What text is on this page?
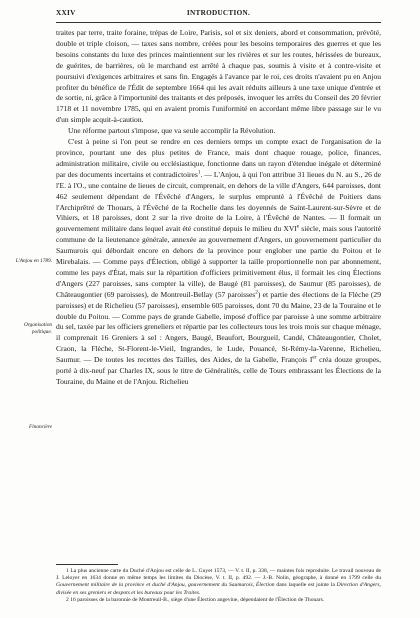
XXIV	INTRODUCTION.
L'Anjou en 1789.
Organisation politique.
Financière

traites par terre, traite foraine, trépas de Loire, Parisis, sol et six deniers, abord et consommation, prévôté, double et triple cloison, — taxes sans nombre, créées pour les besoins temporaires des guerres et que les besoins constants du luxe des princes maintiennent sur les rivières et sur les routes, hérissées de bureaux, de guérites, de barrières, où le marchand est arrêté à chaque pas, soumis à visite et à contre-visite et poursuivi d'exigences arbitraires et sans fin. Engagés à l'avance par le roi, ces droits n'avaient pu en Anjou profiter du bénéfice de l'Édit de septembre 1664 qui les avait réduits ailleurs à une taxe unique d'entrée et de sortie, ni, grâce à l'importunité des traitants et des préposés, invoquer les arrêts du Conseil des 20 février 1718 et 11 novembre 1785, qui en avaient promis l'uniformité en accordant même libre passage sur le vu d'un simple acquit-à-caution.

Une réforme partout s'impose, que va seule accomplir la Révolution.

C'est à peine si l'on peut se rendre en ces derniers temps un compte exact de l'organisation de la province, pourtant une des plus petites de France, mais dont chaque rouage, police, finances, administration militaire, civile ou ecclésiastique, fonctionne dans un rayon d'étendue inégale et déterminé par des documents incertains et contradictoires$^1$. — L'Anjou, à qui l'on attribue 31 lieues du N. au S., 26 de l'E. à l'O., une containe de lieues de circuit, comprenait, en dehors de la ville d'Angers, 644 paroisses, dont 462 seulement dépendant de l'Évêché d'Angers, le surplus empruntè à l'Évêché de Poitiers dans l'Archiprêtré de Thouars, à l'Évêché de la Rochelle dans les doyennés de Saint-Laurent-sur-Sèvre et de Vihiers, et 18 paroisses, dont 2 sur la rive droite de la Loire, à l'Évêché de Nantes. — Il formait un gouvernement militaire dans lequel avait été constitué depuis le milieu du XVIe siècle, mais sous l'autorité commune de la lieutenance générale, annexée au gouvernement d'Angers, un gouvernement particulier du Saumurois qui débordait encore en dehors de la province pour englober une partie du Poitou et le Mirebalais. — Comme pays d'Élection, obligé à supporter la taille proportionnelle non par abonnement, comme les pays d'État, mais sur la répartition d'officiers primitivement élus, il formait les cinq Élections d'Angers (227 paroisses, sans compter la ville), de Baugé (81 paroisses), de Saumur (85 paroisses), de Châteaugontier (69 paroisses), de Montreuil-Bellay (57 paroisses$^2$) et partie des élections de la Flèche (29 paroisses) et de Richelieu (57 paroisses), ensemble 605 paroisses, dont 70 du Maine, 23 de la Touraine et le double du Poitou. — Comme pays de grande Gabelle, imposé d'office par paroisse à une somme arbitraire du sel, taxée par les officiers greneliers et répartie par les collecteurs tous les trois mois sur chaque ménage, il comprenait 16 Greniers à sel : Angers, Baugé, Beaufort, Bourgueil, Candé, Châteaugontier, Cholet, Craon, la Flèche, St-Florent-le-Vieil, Ingrandes, le Lude, Pouancé, St-Rémy-la-Varenne, Richelieu, Saumur. — De toutes les recettes des Tailles, des Aides, de la Gabelle, François Ier créa douze groupes, porté à dix-neuf par Charles IX, sous le titre de Généralités, celle de Tours embrassant les Élections de la Touraine, du Maine et de l'Anjou. Richelieu

1 La plus ancienne carte du Duché d'Anjou est celle de L. Guyet 1573, — V. t. II, p. 338, — maintes fois reproduite. Le travail nouveau de J. Leloyer en 1634 donne en même temps les limites du Diocèse, V. t. II, p. 492. — J.-B. Nolin, géographe, à donné en 1799 celle du Gouvernement militaire de la province et duché d'Anjou, gouvernement du Saumurois, Élection dans laquelle est jointe la Direction d'Angers, divisée en ses greniers et despots et les bureaux pour les Traites.

2 16 paroisses de la baronnie de Montreuil-B., siège d'une Élection angevine, dépendaient de l'Élection de Thouars.
